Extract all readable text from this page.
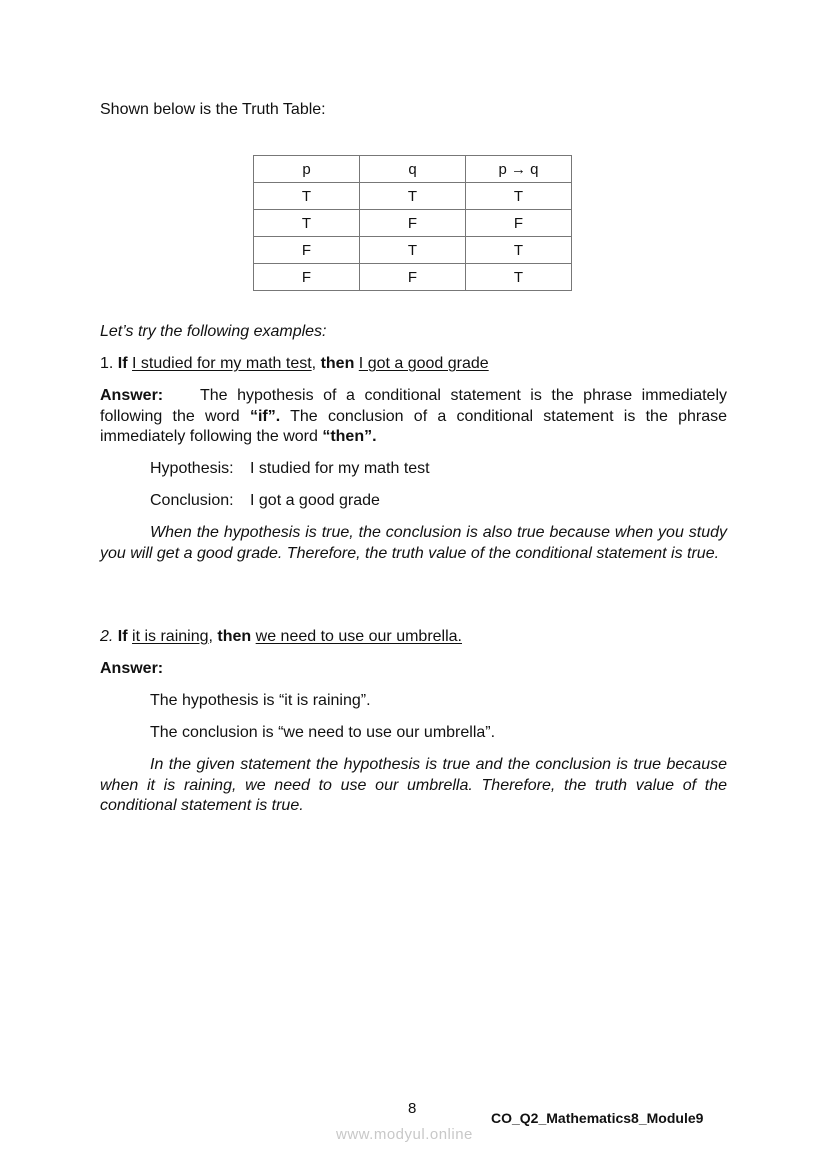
Shown below is the Truth Table:
p	q	p → q
T	T	T
T	F	F
F	T	T
F	F	T
Let’s try the following examples:
1. If I studied for my math test, then I got a good grade
Answer: The hypothesis of a conditional statement is the phrase immediately following the word “if”. The conclusion of a conditional statement is the phrase immediately following the word “then”.
Hypothesis: I studied for my math test
Conclusion: I got a good grade
When the hypothesis is true, the conclusion is also true because when you study you will get a good grade. Therefore, the truth value of the conditional statement is true.
2. If it is raining, then we need to use our umbrella.
Answer:
The hypothesis is “it is raining”.
The conclusion is “we need to use our umbrella”.
In the given statement the hypothesis is true and the conclusion is true because when it is raining, we need to use our umbrella. Therefore, the truth value of the conditional statement is true.
8
CO_Q2_Mathematics8_Module9
www.modyul.online
